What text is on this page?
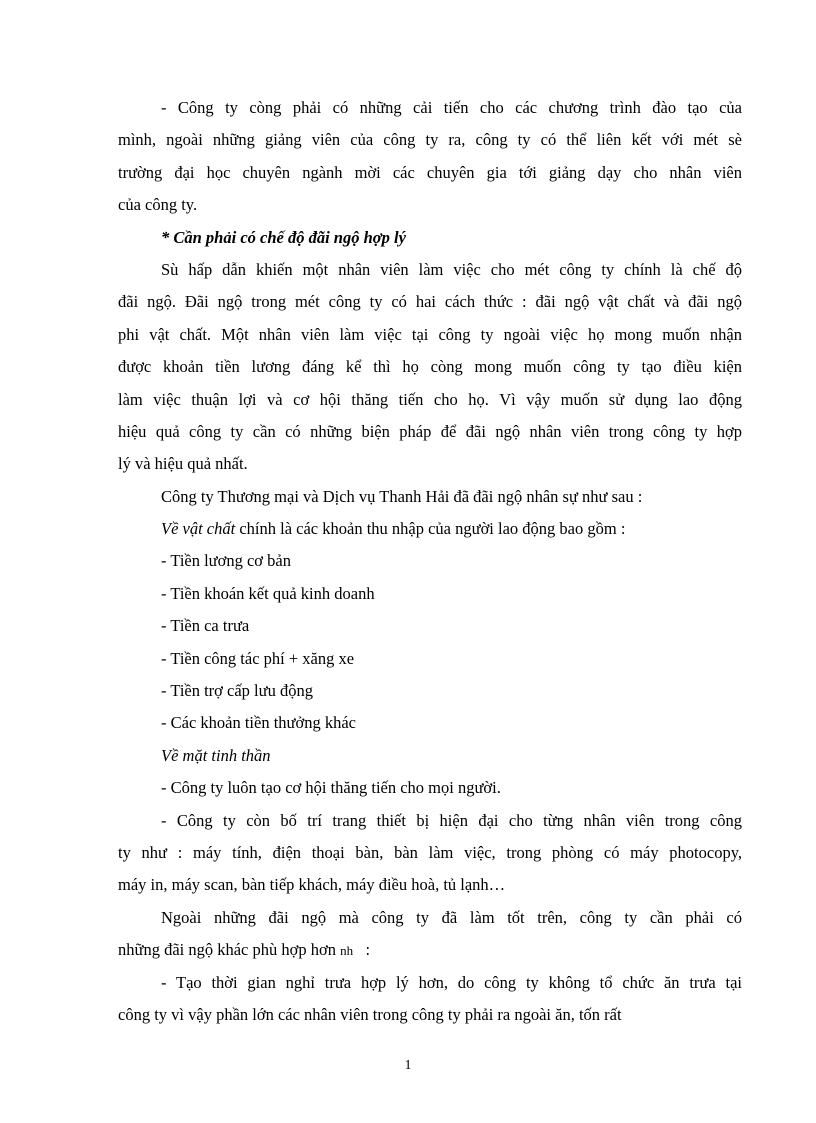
- Công ty còng phải có những cải tiến cho các chương trình đào tạo của
mình, ngoài những giảng viên của công ty ra, công ty có thể liên kết với mét sè
trường đại học chuyên ngành mời các chuyên gia tới giảng dạy cho nhân viên
của công ty.
* Cần phải có chế độ đãi ngộ hợp lý
Sù hấp dẫn khiến một nhân viên làm việc cho mét công ty chính là chế độ
đãi ngộ. Đãi ngộ trong mét công ty có hai cách thức : đãi ngộ vật chất và đãi ngộ
phi vật chất. Một nhân viên làm việc tại công ty ngoài việc họ mong muốn nhận
được khoản tiền lương đáng kể thì họ còng mong muốn công ty tạo điều kiện
làm việc thuận lợi và cơ hội thăng tiến cho họ. Vì vậy muốn sử dụng lao động
hiệu quả công ty cần có những biện pháp để đãi ngộ nhân viên trong công ty hợp
lý và hiệu quả nhất.
Công ty Thương mại và Dịch vụ Thanh Hải đã đãi ngộ nhân sự như sau :
Về vật chất chính là các khoản thu nhập của người lao động bao gồm :
- Tiền lương cơ bản
- Tiền khoán kết quả kinh doanh
- Tiền ca trưa
- Tiền công tác phí + xăng xe
- Tiền trợ cấp lưu động
- Các khoản tiền thưởng khác
Về mặt tinh thần
- Công ty luôn tạo cơ hội thăng tiến cho mọi người.
- Công ty còn bố trí trang thiết bị hiện đại cho từng nhân viên trong công
ty như : máy tính, điện thoại bàn, bàn làm việc, trong phòng có máy photocopy,
máy in, máy scan, bàn tiếp khách, máy điều hoà, tủ lạnh…
Ngoài những đãi ngộ mà công ty đã làm tốt trên, công ty cần phải có
những đãi ngộ khác phù hợp hơn nh   :
- Tạo thời gian nghỉ trưa hợp lý hơn, do công ty không tổ chức ăn trưa tại
công ty vì vậy phần lớn các nhân viên trong công ty phải ra ngoài ăn, tốn rất
1
